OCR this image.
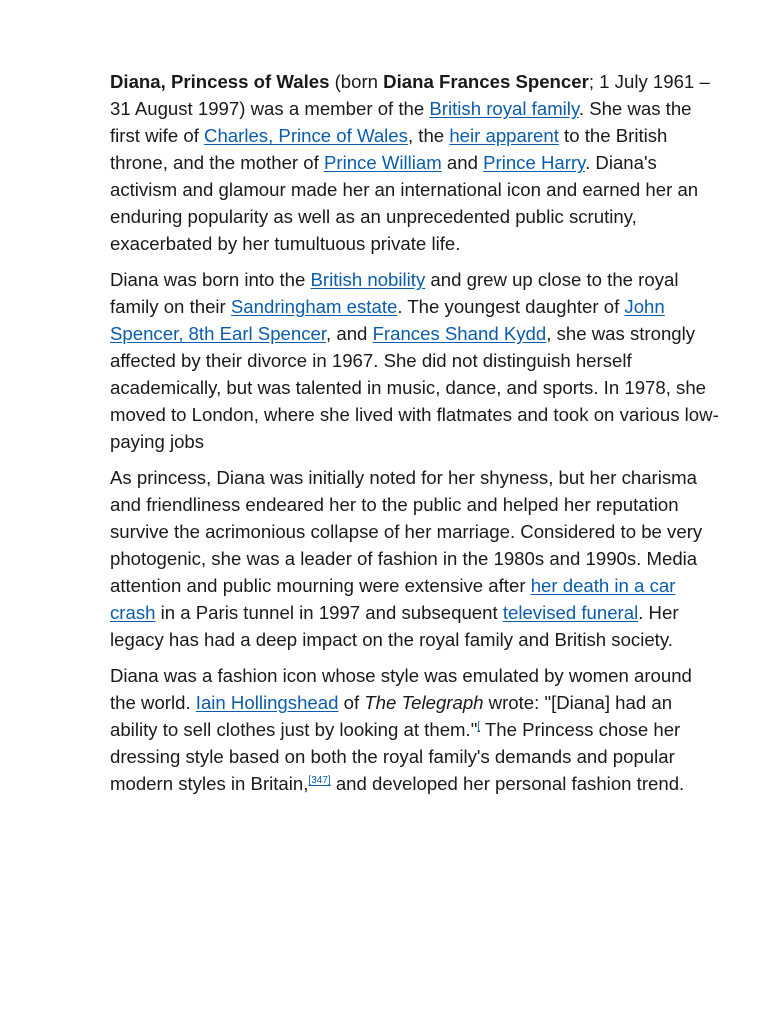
Diana, Princess of Wales (born Diana Frances Spencer; 1 July 1961 – 31 August 1997) was a member of the British royal family. She was the first wife of Charles, Prince of Wales, the heir apparent to the British throne, and the mother of Prince William and Prince Harry. Diana's activism and glamour made her an international icon and earned her an enduring popularity as well as an unprecedented public scrutiny, exacerbated by her tumultuous private life.

Diana was born into the British nobility and grew up close to the royal family on their Sandringham estate. The youngest daughter of John Spencer, 8th Earl Spencer, and Frances Shand Kydd, she was strongly affected by their divorce in 1967. She did not distinguish herself academically, but was talented in music, dance, and sports. In 1978, she moved to London, where she lived with flatmates and took on various low-paying jobs

As princess, Diana was initially noted for her shyness, but her charisma and friendliness endeared her to the public and helped her reputation survive the acrimonious collapse of her marriage. Considered to be very photogenic, she was a leader of fashion in the 1980s and 1990s. Media attention and public mourning were extensive after her death in a car crash in a Paris tunnel in 1997 and subsequent televised funeral. Her legacy has had a deep impact on the royal family and British society.

Diana was a fashion icon whose style was emulated by women around the world. Iain Hollingshead of The Telegraph wrote: "[Diana] had an ability to sell clothes just by looking at them."[ The Princess chose her dressing style based on both the royal family's demands and popular modern styles in Britain,[347] and developed her personal fashion trend.
